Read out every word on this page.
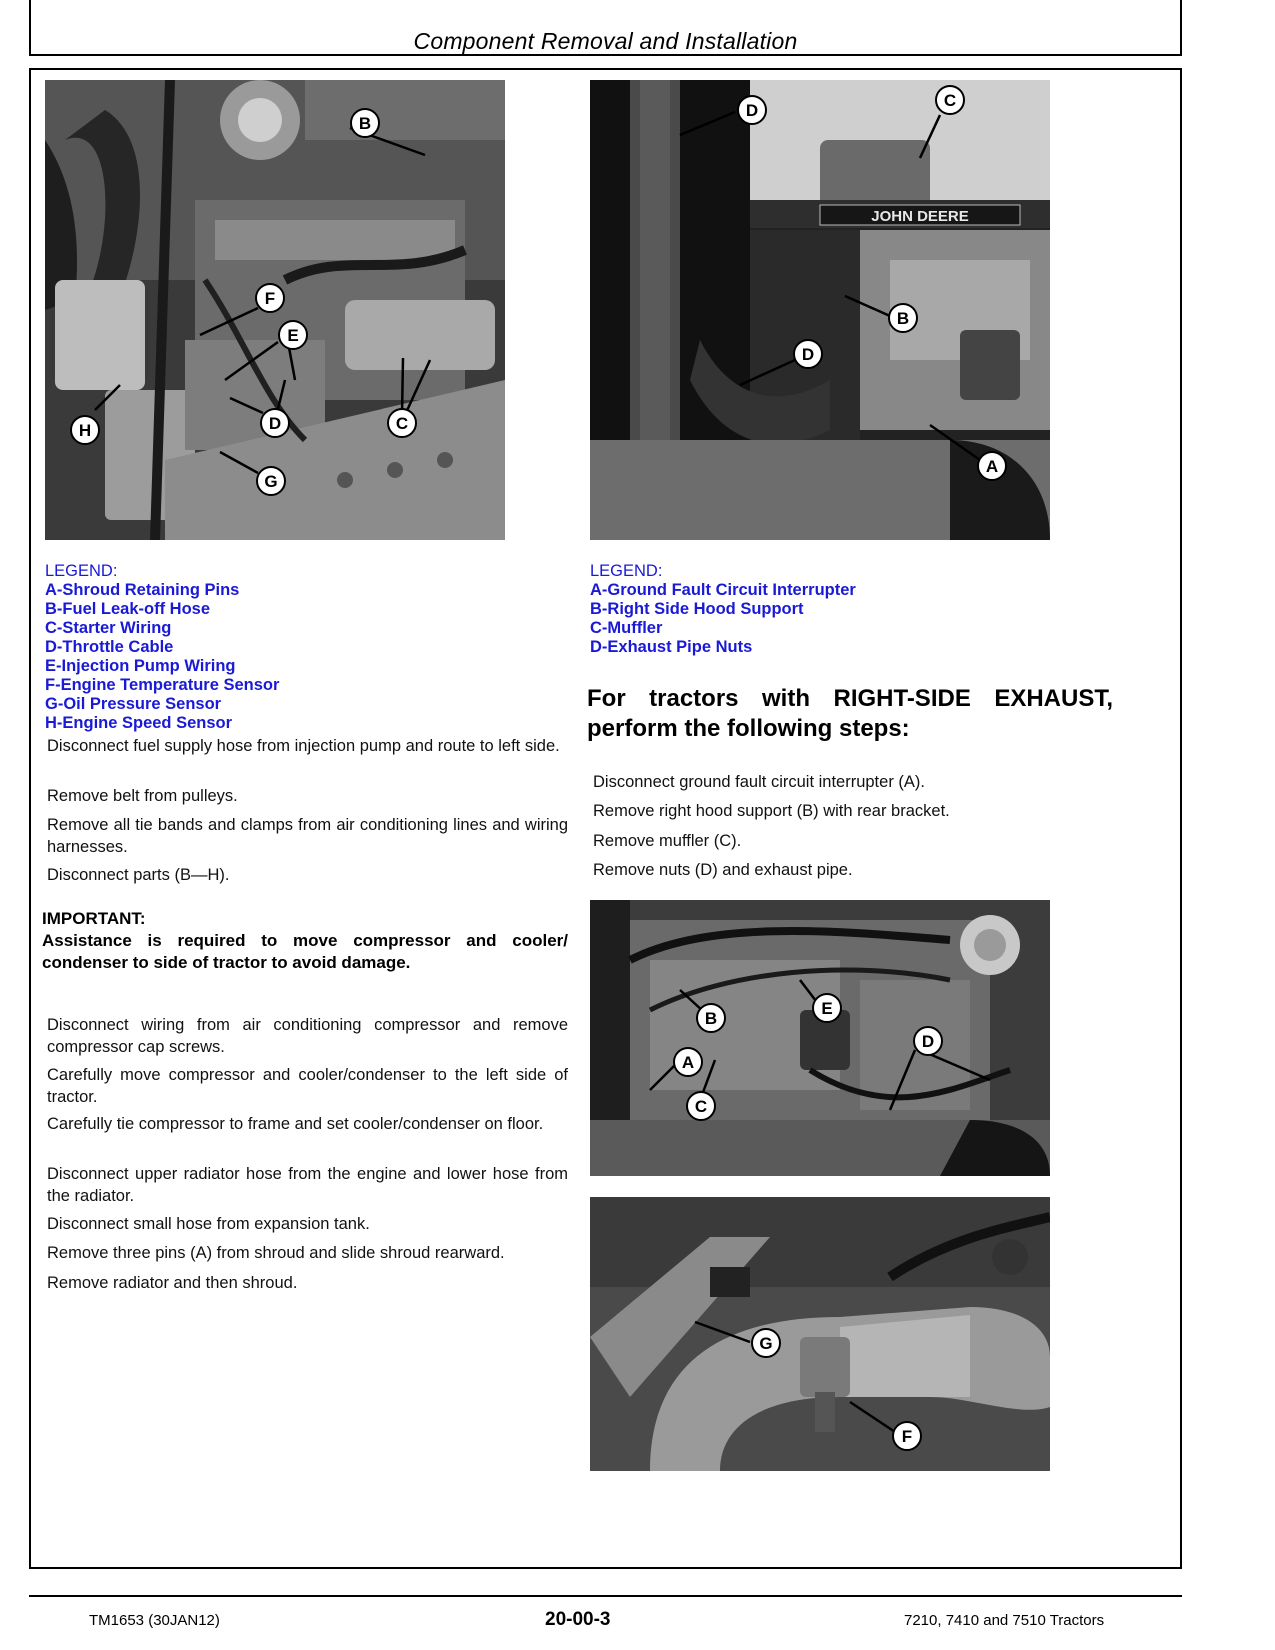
Component Removal and Installation
B
F
E
D	C
H
G
JOHN DEERE
D
C
B
D
A
LEGEND:
A-Shroud Retaining Pins
B-Fuel Leak-off Hose
C-Starter Wiring
D-Throttle Cable
E-Injection Pump Wiring
F-Engine Temperature Sensor
G-Oil Pressure Sensor
H-Engine Speed Sensor
LEGEND:
A-Ground Fault Circuit Interrupter
B-Right Side Hood Support
C-Muffler
D-Exhaust Pipe Nuts
Disconnect fuel supply hose from injection pump and route to left side.
Remove belt from pulleys.
Remove all tie bands and clamps from air conditioning lines and wiring harnesses.
Disconnect parts (B—H).
IMPORTANT:
Assistance is required to move compressor and cooler/ condenser to side of tractor to avoid damage.
Disconnect wiring from air conditioning compressor and remove compressor cap screws.
Carefully move compressor and cooler/condenser to the left side of tractor.
Carefully tie compressor to frame and set cooler/condenser on floor.
Disconnect upper radiator hose from the engine and lower hose from the radiator.
Disconnect small hose from expansion tank.
Remove three pins (A) from shroud and slide shroud rearward.
Remove radiator and then shroud.
For tractors with RIGHT-SIDE EXHAUST, perform the following steps:
Disconnect ground fault circuit interrupter (A).
Remove right hood support (B) with rear bracket.
Remove muffler (C).
Remove nuts (D) and exhaust pipe.
B
E
A
D
C
G
F
TM1653 (30JAN12)	20-00-3	7210, 7410 and 7510 Tractors
